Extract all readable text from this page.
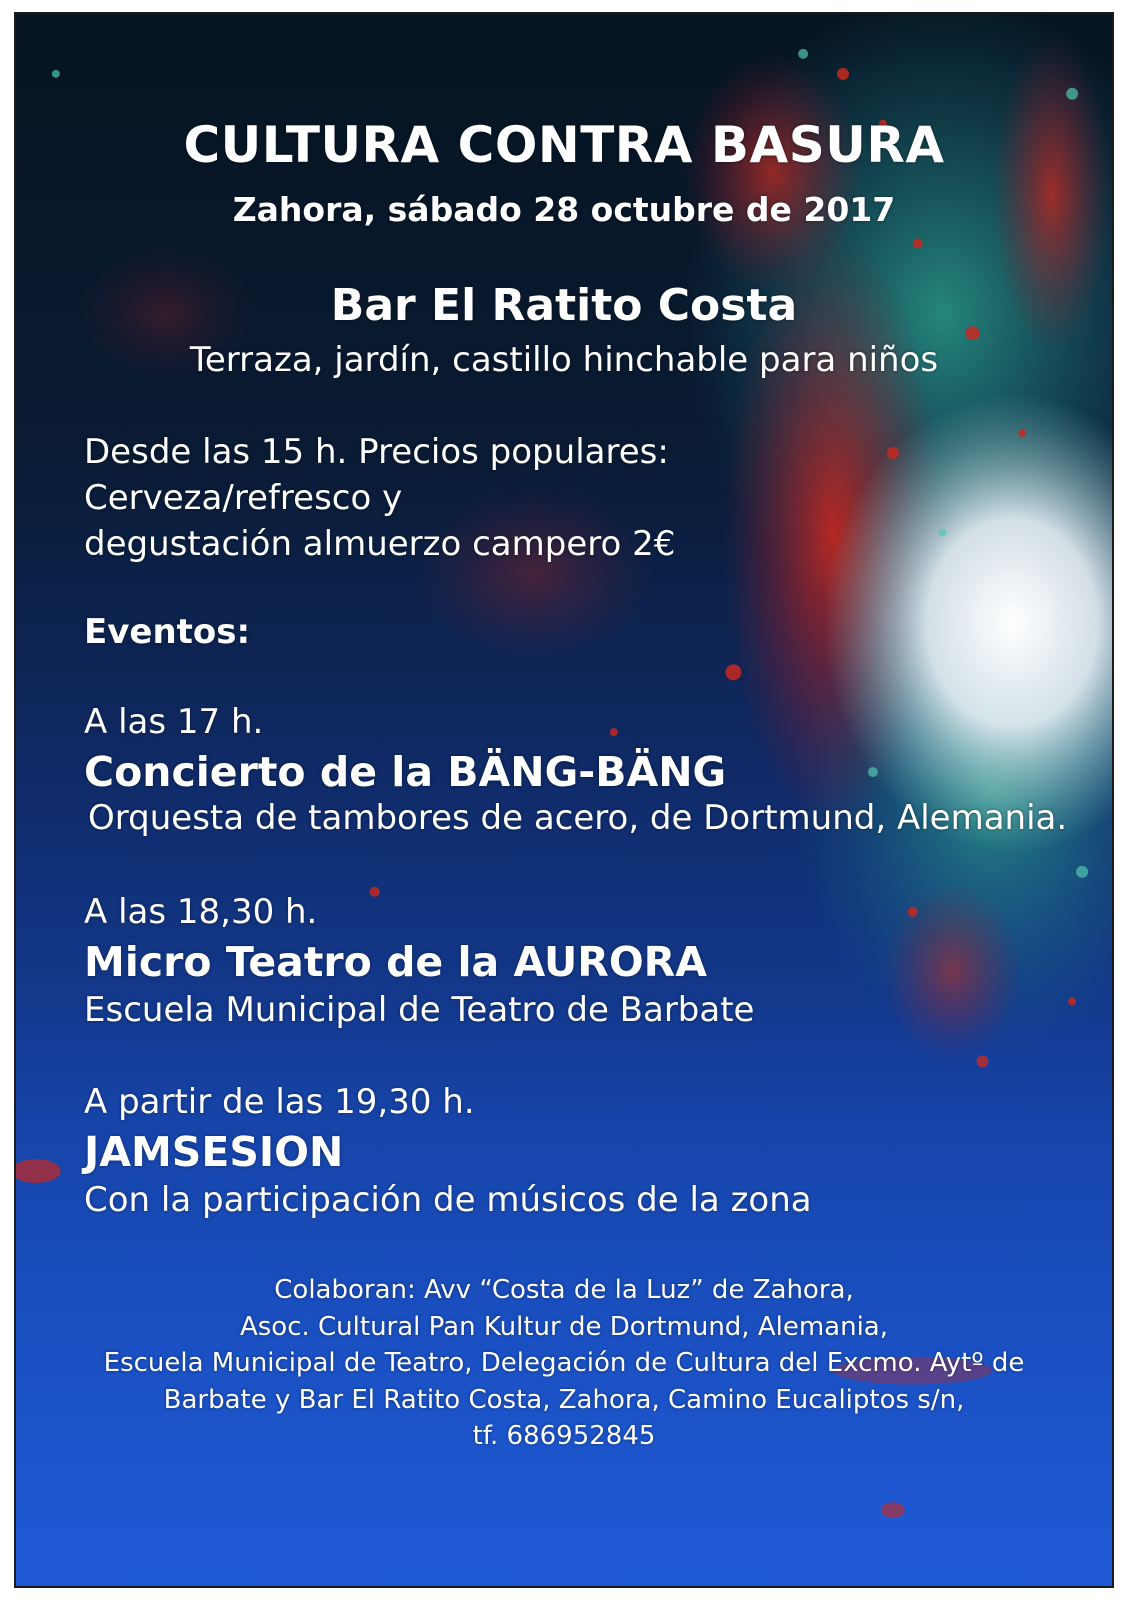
CULTURA CONTRA BASURA
Zahora, sábado 28 octubre de 2017
Bar El Ratito Costa
Terraza, jardín, castillo hinchable para niños
Desde las 15 h. Precios populares:
Cerveza/refresco y
degustación almuerzo campero 2€
Eventos:
A las 17 h.
Concierto de la BÄNG-BÄNG
Orquesta de tambores de acero, de Dortmund, Alemania.
A las 18,30 h.
Micro Teatro de la AURORA
Escuela Municipal de Teatro de Barbate
A partir de las 19,30 h.
JAMSESION
Con la participación de músicos de la zona
Colaboran: Avv “Costa de la Luz” de Zahora,
Asoc. Cultural Pan Kultur de Dortmund, Alemania,
Escuela Municipal de Teatro, Delegación de Cultura del Excmo. Aytº de
Barbate y Bar El Ratito Costa, Zahora, Camino Eucaliptos s/n,
tf. 686952845
